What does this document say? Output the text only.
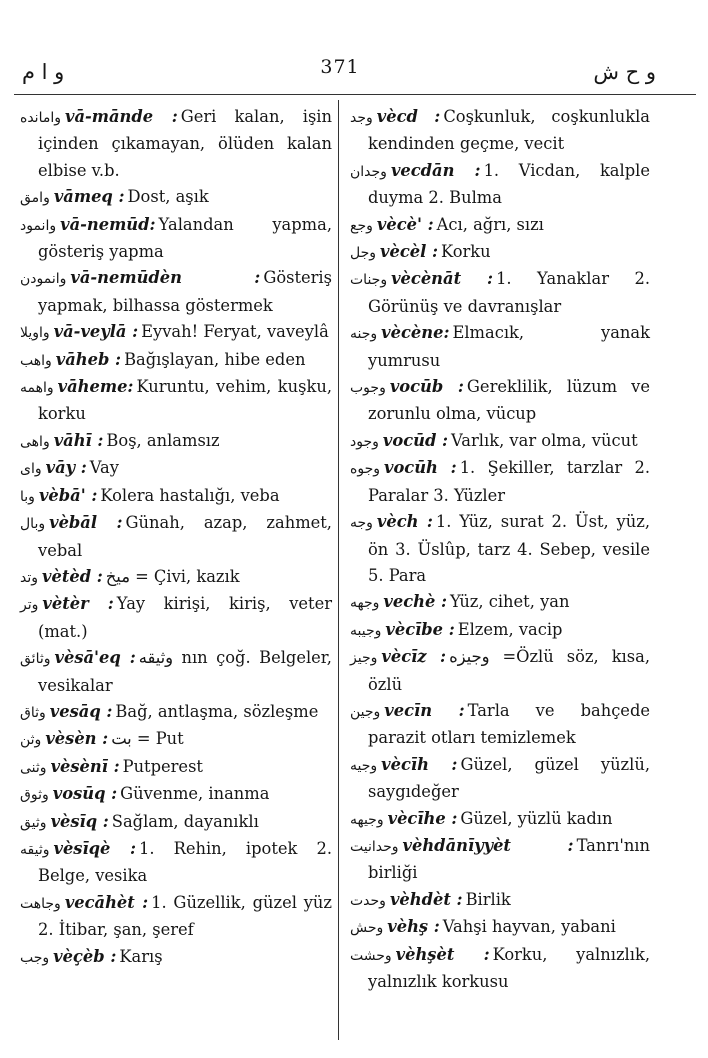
و ا م	371	و ح ش

وامانده vā-mānde : Geri kalan, işin içinden çıkamayan, ölüden kalan elbise v.b.

وامق vāmeq : Dost, aşık

وانمود vā-nemūd: Yalandan yapma, gösteriş yapma

وانمودن vā-nemūdèn : Gösteriş yapmak, bilhassa göstermek

واویلا vā-veylā : Eyvah! Feryat, vaveylâ

واهب vāheb : Bağışlayan, hibe eden

واهمه vāheme: Kuruntu, vehim, kuşku, korku

واهی vāhī : Boş, anlamsız

وای vāy : Vay

وبا vèbā' : Kolera hastalığı, veba

وبال vèbāl : Günah, azap, zahmet, vebal

وتد vètèd : میخ = Çivi, kazık

وتر vètèr : Yay kirişi, kiriş, veter (mat.)

وثائق vèsā'eq : وثیقه nın çoğ. Belgeler, vesikalar

وثاق vesāq : Bağ, antlaşma, sözleşme

وثن vèsèn : بت = Put

وثنی vèsènī : Putperest

وثوق vosūq : Güvenme, inanma

وثیق vèsīq : Sağlam, dayanıklı

وثیقه vèsīqè : 1. Rehin, ipotek 2. Belge, vesika

وجاهت vecāhèt : 1. Güzellik, güzel yüz 2. İtibar, şan, şeref

وجب vèçèb : Karış

وجد vècd : Coşkunluk, coşkunlukla kendinden geçme, vecit

وجدان vecdān : 1. Vicdan, kalple duyma 2. Bulma

وجع vècè' : Acı, ağrı, sızı

وجل vècèl : Korku

وجنات vècènāt : 1. Yanaklar 2. Görünüş ve davranışlar

وجنه vècène: Elmacık, yanak yumrusu

وجوب vocūb : Gereklilik, lüzum ve zorunlu olma, vücup

وجود vocūd : Varlık, var olma, vücut

وجوه vocūh : 1. Şekiller, tarzlar 2. Paralar 3. Yüzler

وجه vèch : 1. Yüz, surat 2. Üst, yüz, ön 3. Üslûp, tarz 4. Sebep, vesile 5. Para

وجهه vechè : Yüz, cihet, yan

وجیبه vècībe : Elzem, vacip

وجیز vècīz : وجیزه =Özlü söz, kısa, özlü

وجین vecīn : Tarla ve bahçede parazit otları temizlemek

وجیه vècīh : Güzel, güzel yüzlü, saygıdeğer

وجیهه vècīhe : Güzel, yüzlü kadın

وحدانیت vèhdānīyyèt : Tanrı'nın birliği

وحدت vèhdèt : Birlik

وحش vèhş : Vahşi hayvan, yabani

وحشت vèhşèt : Korku, yalnızlık, yalnızlık korkusu
